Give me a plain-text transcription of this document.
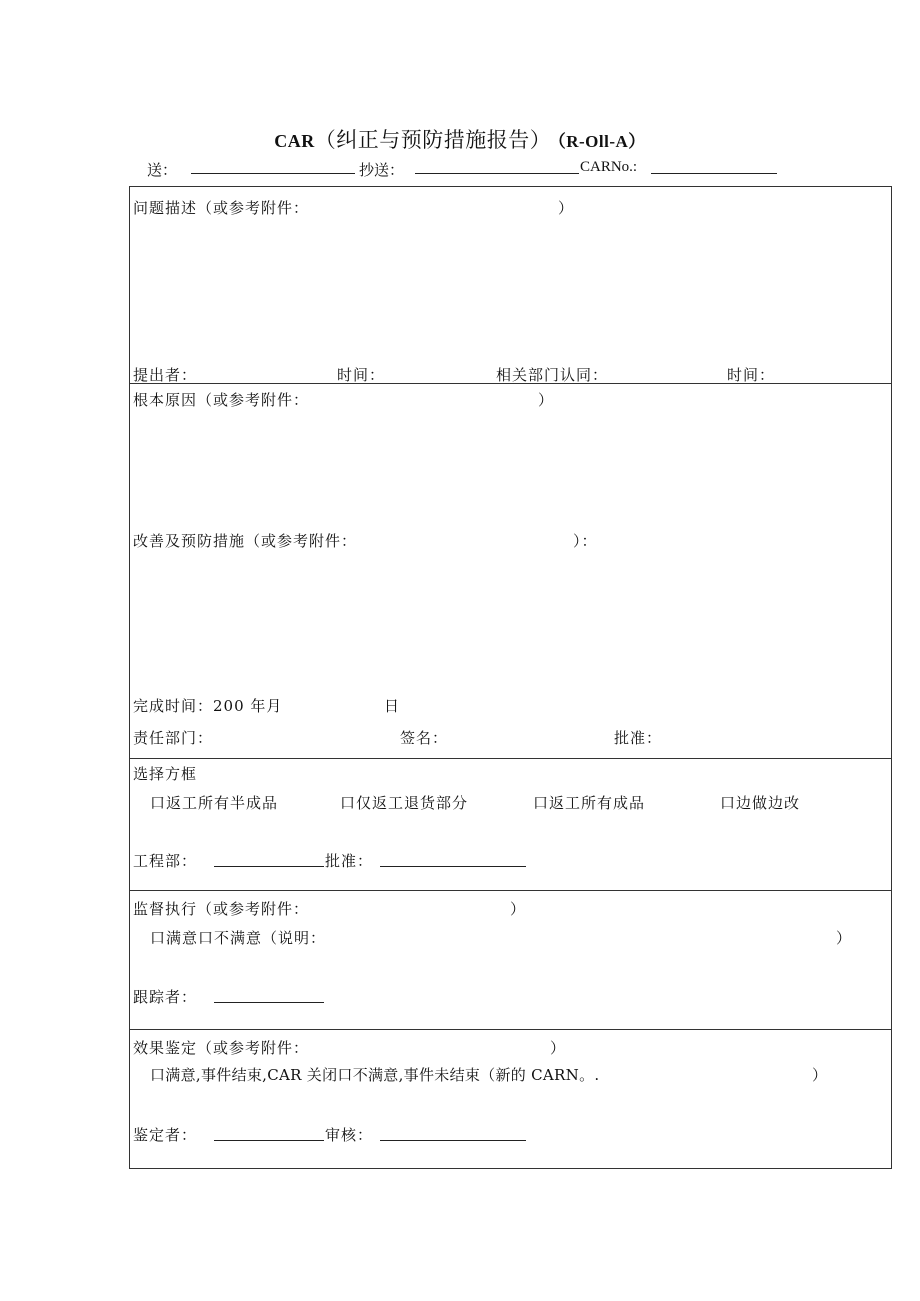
CAR（纠正与预防措施报告） （R-Oll-A）
送：	抄送：	CARNo.:
问题描述（或参考附件：	）
提出者：	时间：	相关部门认同：	时间：
根本原因（或参考附件：	）
改善及预防措施（或参考附件：	）：
完成时间：200 年月	日
责任部门：	签名：	批准：
选择方框
口返工所有半成品	口仅返工退货部分	口返工所有成品	口边做边改
工程部：	批准：
监督执行（或参考附件：	）
口满意口不满意（说明：	）
跟踪者：
效果鉴定（或参考附件：	）
口满意,事件结束,CAR 关闭口不满意,事件未结束（新的 CARN。.	）
鉴定者：	审核：
